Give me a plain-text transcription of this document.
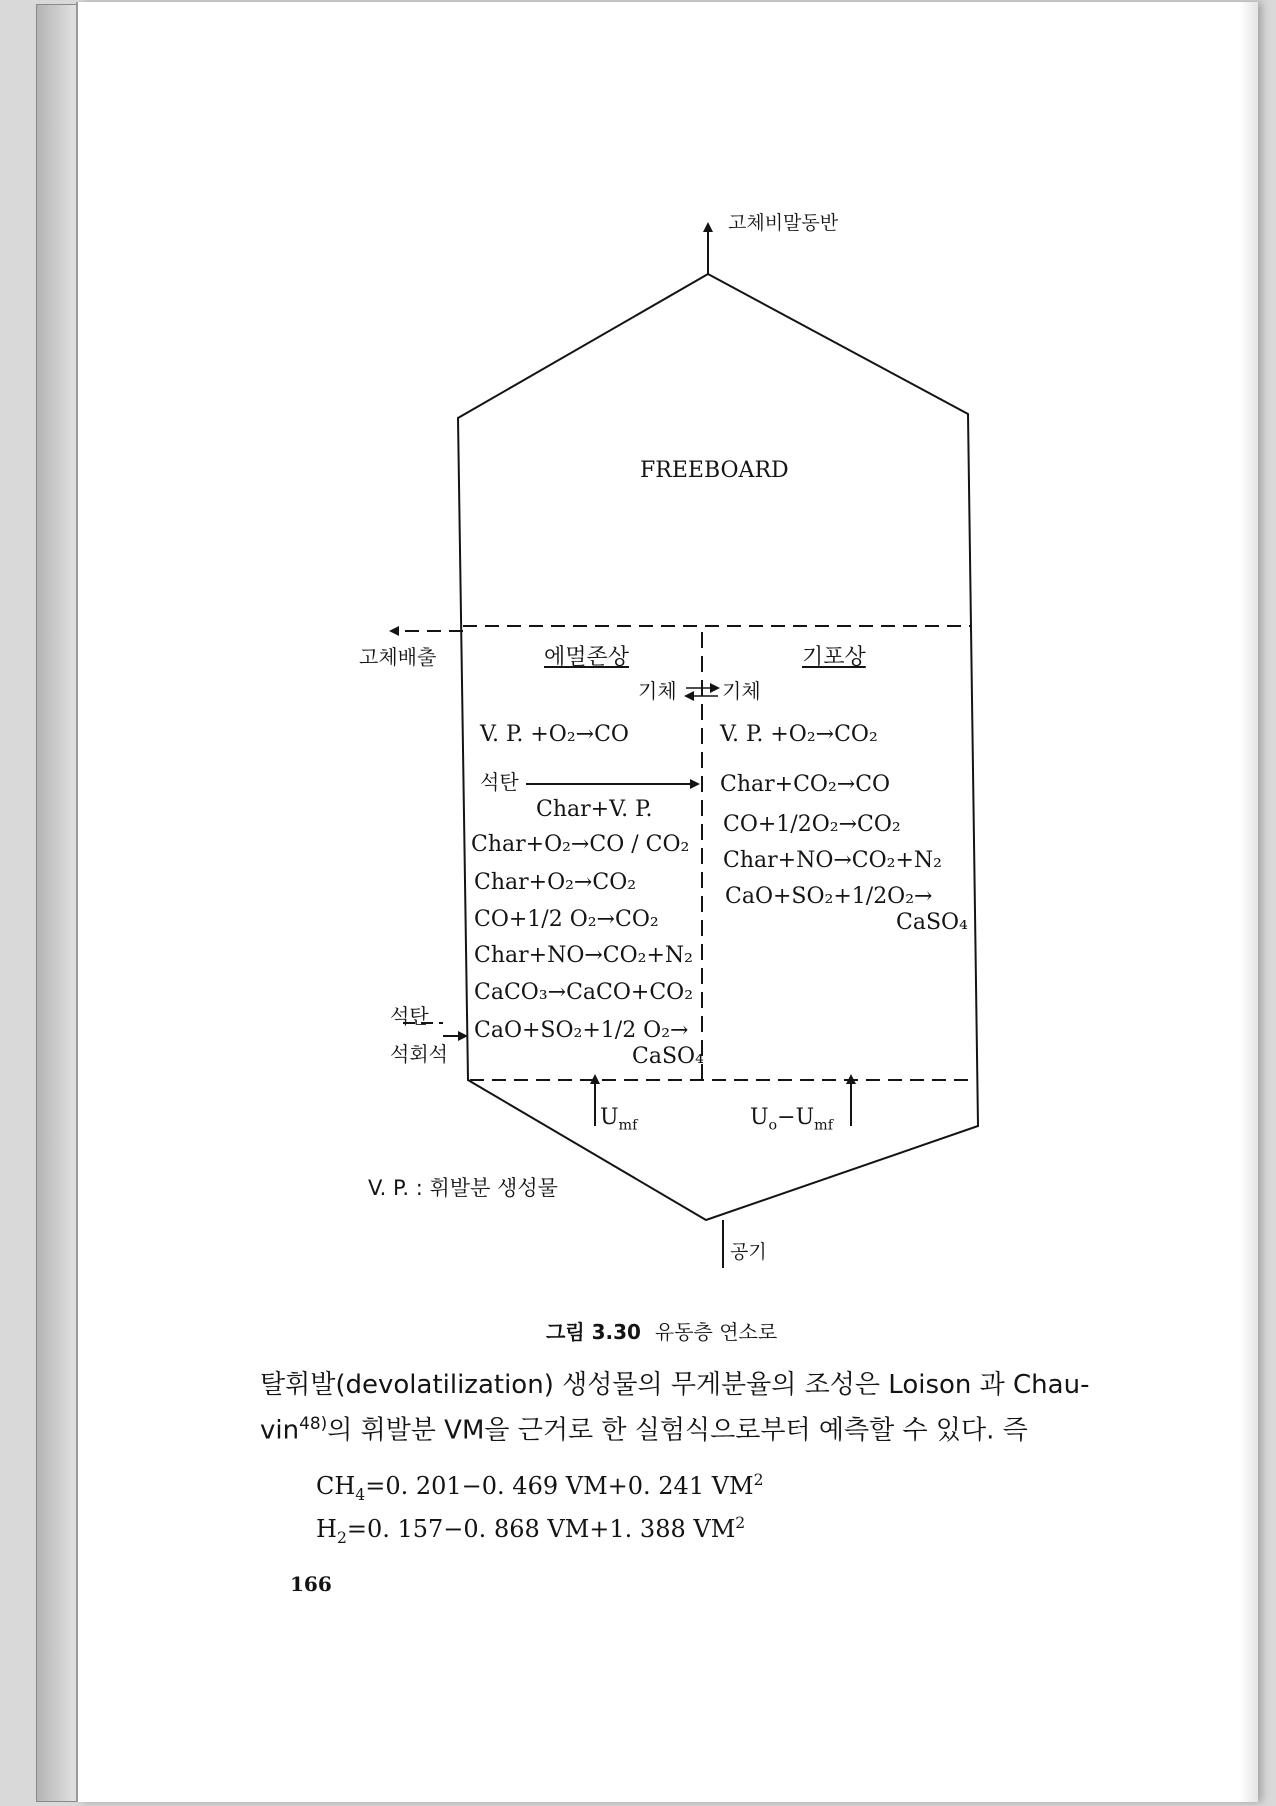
고체비말동반
FREEBOARD
고체배출	에멀존상	기포상
기체 기체
V. P. +O₂→CO
석탄
Char+V. P.
Char+O₂→CO / CO₂
Char+O₂→CO₂
CO+1/2 O₂→CO₂
Char+NO→CO₂+N₂
CaCO₃→CaCO+CO₂
CaO+SO₂+1/2 O₂→
CaSO₄
석탄
석회석
V. P. +O₂→CO₂
Char+CO₂→CO
CO+1/2O₂→CO₂
Char+NO→CO₂+N₂
CaO+SO₂+1/2O₂→
CaSO₄
$U_{mf}$	$U_o-U_{mf}$
V. P. : 휘발분 생성물
공기
그림 3.30 유동층 연소로
탈휘발(devolatilization) 생성물의 무게분율의 조성은 Loison 과 Chau-
vin$^{48)}$의 휘발분 VM을 근거로 한 실험식으로부터 예측할 수 있다. 즉
$CH_4=0$. 201−0. 469 VM+0. 241 $VM^2$
$H_2=0$. 157−0. 868 VM+1. 388 $VM^2$
166
